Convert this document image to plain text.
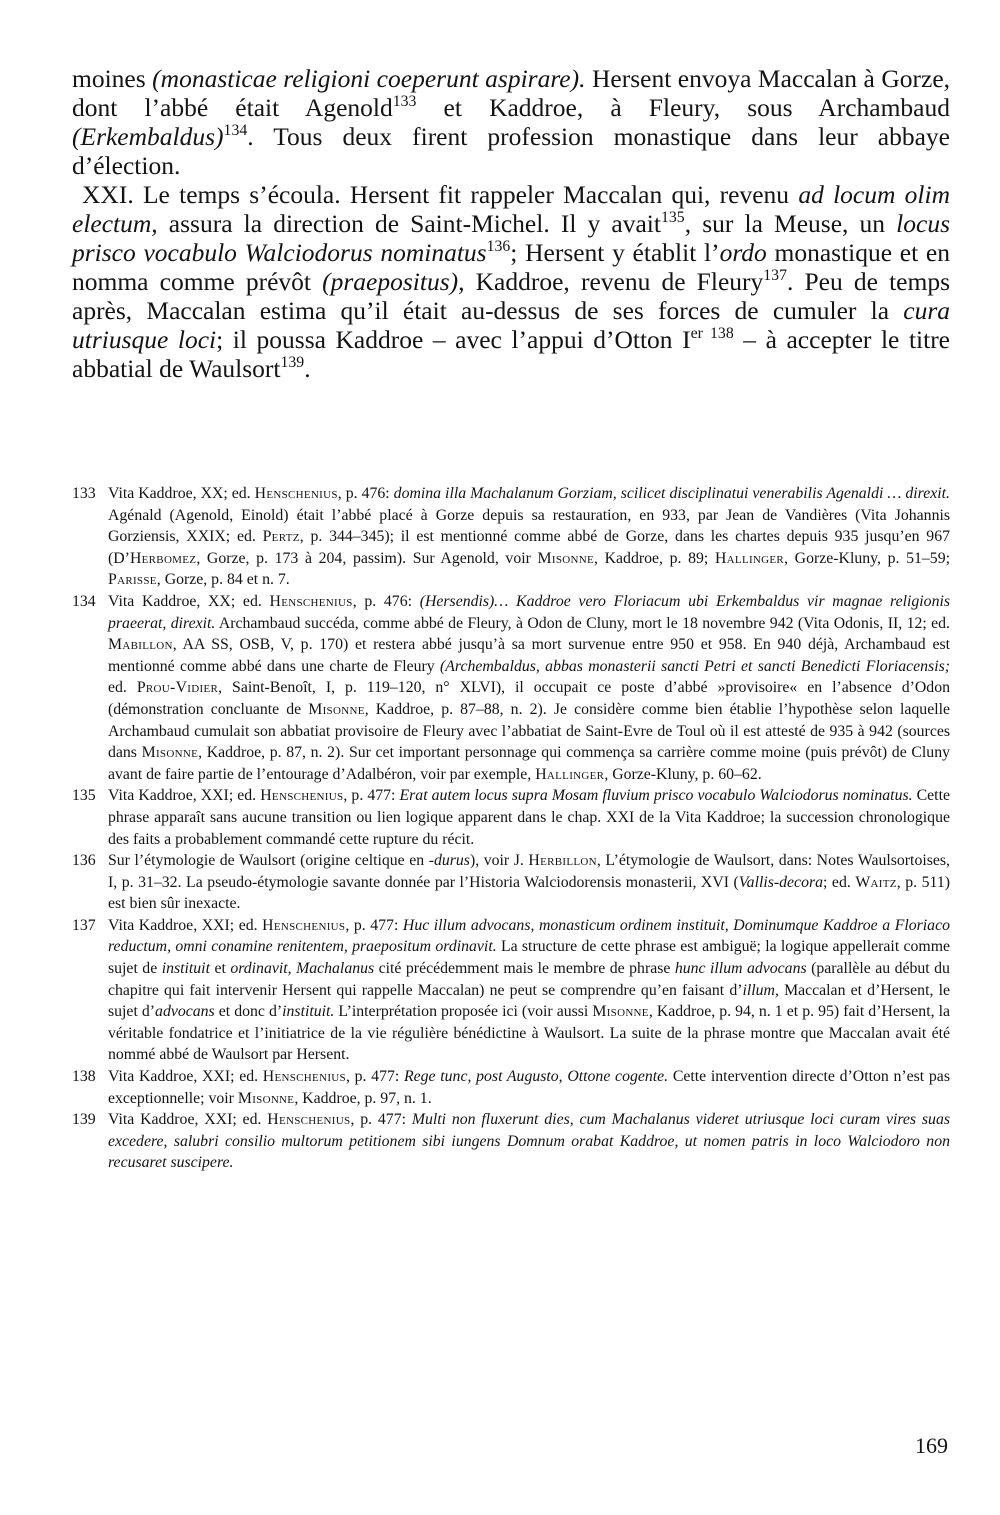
moines (monasticae religioni coeperunt aspirare). Hersent envoya Maccalan à Gorze, dont l’abbé était Agenold$^{133}$ et Kaddroe, à Fleury, sous Archambaud (Erkembaldus)$^{134}$. Tous deux firent profession monastique dans leur abbaye d’élection.

XXI. Le temps s’écoula. Hersent fit rappeler Maccalan qui, revenu ad locum olim electum, assura la direction de Saint-Michel. Il y avait$^{135}$, sur la Meuse, un locus prisco vocabulo Walciodorus nominatus$^{136}$; Hersent y établit l’ordo monastique et en nomma comme prévôt (praepositus), Kaddroe, revenu de Fleury$^{137}$. Peu de temps après, Maccalan estima qu’il était au-dessus de ses forces de cumuler la cura utriusque loci; il poussa Kaddroe – avec l’appui d’Otton $I^{er 138}$ – à accepter le titre abbatial de Waulsort$^{139}$.

133 Vita Kaddroe, XX; ed. Henschenius, p. 476: domina illa Machalanum Gorziam, scilicet disciplinatui venerabilis Agenaldi … direxit. Agénald (Agenold, Einold) était l’abbé placé à Gorze depuis sa restauration, en 933, par Jean de Vandières (Vita Johannis Gorziensis, XXIX; ed. Pertz, p. 344–345); il est mentionné comme abbé de Gorze, dans les chartes depuis 935 jusqu’en 967 (D’Herbomez, Gorze, p. 173 à 204, passim). Sur Agenold, voir Misonne, Kaddroe, p. 89; Hallinger, Gorze-Kluny, p. 51–59; Parisse, Gorze, p. 84 et n. 7.
134 Vita Kaddroe, XX; ed. Henschenius, p. 476: (Hersendis)… Kaddroe vero Floriacum ubi Erkembaldus vir magnae religionis praeerat, direxit. Archambaud succéda, comme abbé de Fleury, à Odon de Cluny, mort le 18 novembre 942 (Vita Odonis, II, 12; ed. Mabillon, AA SS, OSB, V, p. 170) et restera abbé jusqu’à sa mort survenue entre 950 et 958. En 940 déjà, Archambaud est mentionné comme abbé dans une charte de Fleury (Archembaldus, abbas monasterii sancti Petri et sancti Benedicti Floriacensis; ed. Prou-Vidier, Saint-Benoît, I, p. 119–120, n° XLVI), il occupait ce poste d’abbé »provisoire« en l’absence d’Odon (démonstration concluante de Misonne, Kaddroe, p. 87–88, n. 2). Je considère comme bien établie l’hypothèse selon laquelle Archambaud cumulait son abbatiat provisoire de Fleury avec l’abbatiat de Saint-Evre de Toul où il est attesté de 935 à 942 (sources dans Misonne, Kaddroe, p. 87, n. 2). Sur cet important personnage qui commença sa carrière comme moine (puis prévôt) de Cluny avant de faire partie de l’entourage d’Adalbéron, voir par exemple, Hallinger, Gorze-Kluny, p. 60–62.
135 Vita Kaddroe, XXI; ed. Henschenius, p. 477: Erat autem locus supra Mosam fluvium prisco vocabulo Walciodorus nominatus. Cette phrase apparaît sans aucune transition ou lien logique apparent dans le chap. XXI de la Vita Kaddroe; la succession chronologique des faits a probablement commandé cette rupture du récit.
136 Sur l’étymologie de Waulsort (origine celtique en -durus), voir J. Herbillon, L’étymologie de Waulsort, dans: Notes Waulsortoises, I, p. 31–32. La pseudo-étymologie savante donnée par l’Historia Walciodorensis monasterii, XVI (Vallis-decora; ed. Waitz, p. 511) est bien sûr inexacte.
137 Vita Kaddroe, XXI; ed. Henschenius, p. 477: Huc illum advocans, monasticum ordinem instituit, Dominumque Kaddroe a Floriaco reductum, omni conamine renitentem, praepositum ordinavit. La structure de cette phrase est ambiguë; la logique appellerait comme sujet de instituit et ordinavit, Machalanus cité précédemment mais le membre de phrase hunc illum advocans (parallèle au début du chapitre qui fait intervenir Hersent qui rappelle Maccalan) ne peut se comprendre qu’en faisant d’illum, Maccalan et d’Hersent, le sujet d’advocans et donc d’instituit. L’interprétation proposée ici (voir aussi Misonne, Kaddroe, p. 94, n. 1 et p. 95) fait d’Hersent, la véritable fondatrice et l’initiatrice de la vie régulière bénédictine à Waulsort. La suite de la phrase montre que Maccalan avait été nommé abbé de Waulsort par Hersent.
138 Vita Kaddroe, XXI; ed. Henschenius, p. 477: Rege tunc, post Augusto, Ottone cogente. Cette intervention directe d’Otton n’est pas exceptionnelle; voir Misonne, Kaddroe, p. 97, n. 1.
139 Vita Kaddroe, XXI; ed. Henschenius, p. 477: Multi non fluxerunt dies, cum Machalanus videret utriusque loci curam vires suas excedere, salubri consilio multorum petitionem sibi iungens Domnum orabat Kaddroe, ut nomen patris in loco Walciodoro non recusaret suscipere.
169
